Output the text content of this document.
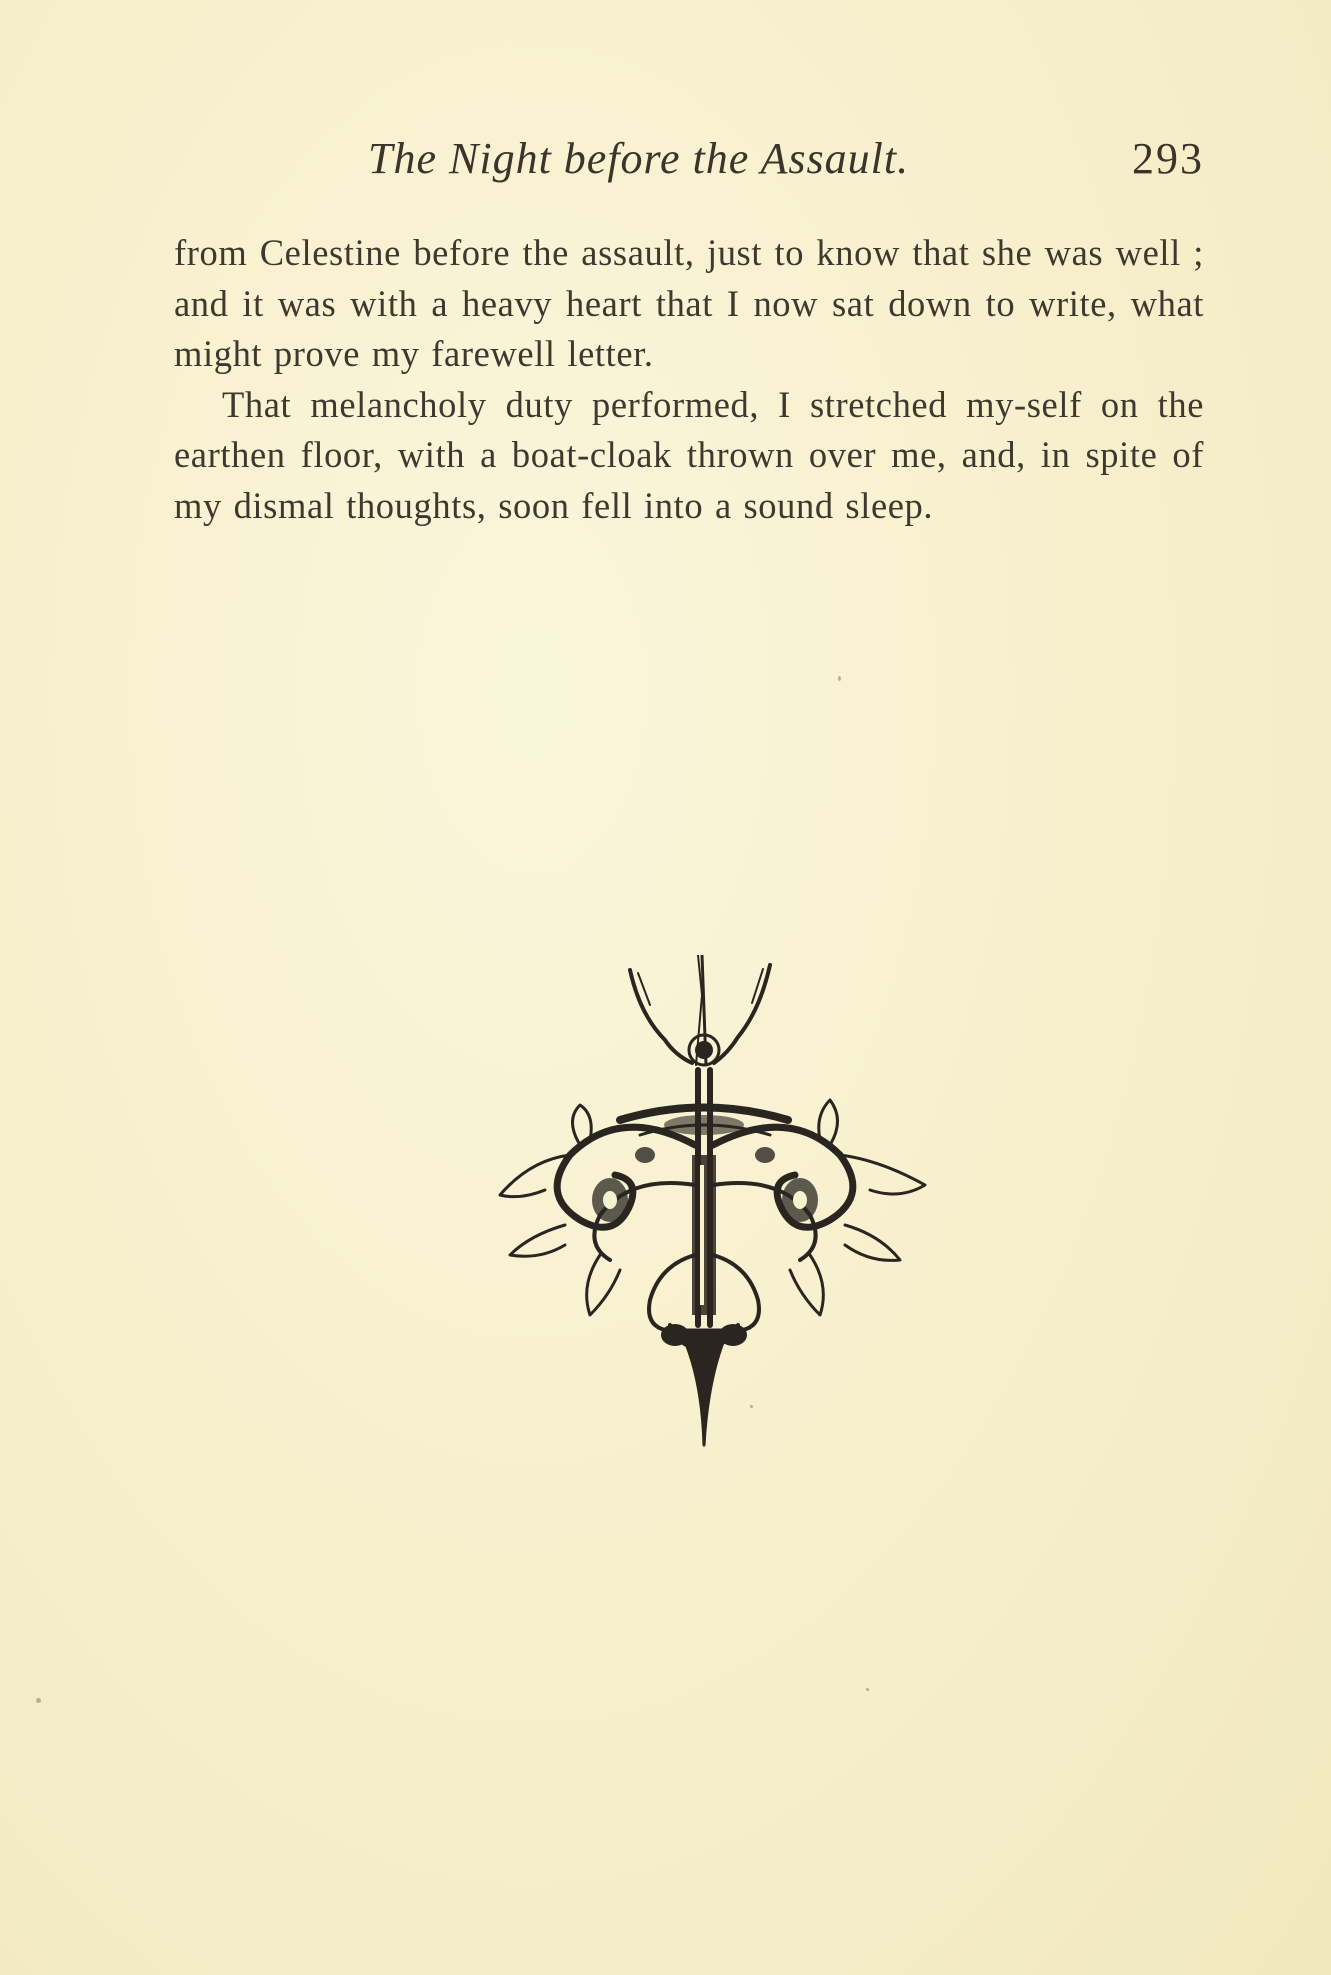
The Night before the Assault.	293

from Celestine before the assault, just to know that she was well ; and it was with a heavy heart that I now sat down to write, what might prove my farewell letter.

That melancholy duty performed, I stretched my-self on the earthen floor, with a boat-cloak thrown over me, and, in spite of my dismal thoughts, soon fell into a sound sleep.
